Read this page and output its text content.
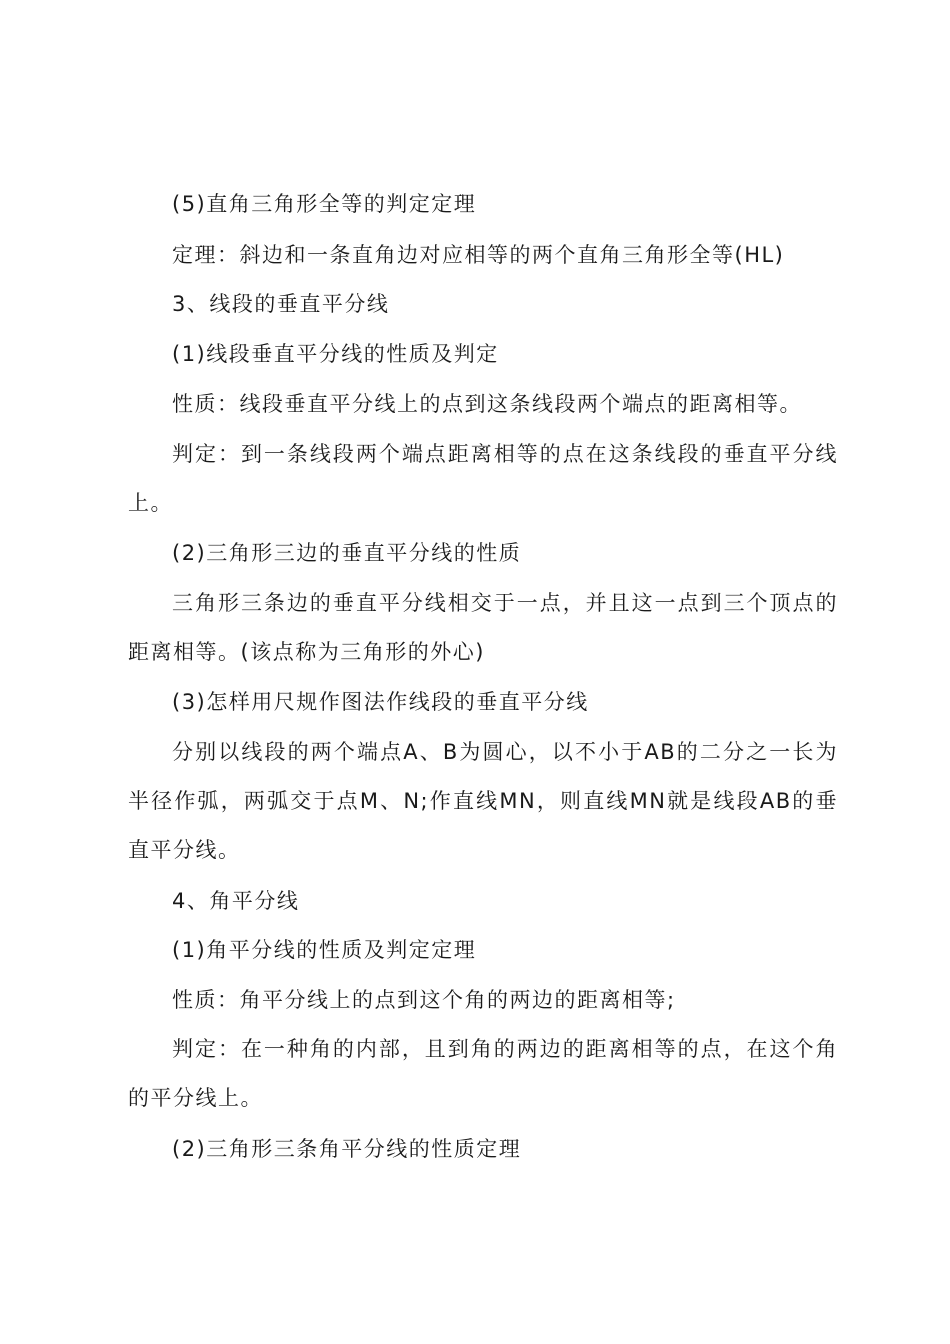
(5)直角三角形全等的判定定理

定理：斜边和一条直角边对应相等的两个直角三角形全等(HL)

3、线段的垂直平分线

(1)线段垂直平分线的性质及判定

性质：线段垂直平分线上的点到这条线段两个端点的距离相等。

判定：到一条线段两个端点距离相等的点在这条线段的垂直平分线上。

(2)三角形三边的垂直平分线的性质

三角形三条边的垂直平分线相交于一点，并且这一点到三个顶点的距离相等。(该点称为三角形的外心)

(3)怎样用尺规作图法作线段的垂直平分线

分别以线段的两个端点A、B为圆心，以不小于AB的二分之一长为半径作弧，两弧交于点M、N;作直线MN，则直线MN就是线段AB的垂直平分线。

4、角平分线

(1)角平分线的性质及判定定理

性质：角平分线上的点到这个角的两边的距离相等;

判定：在一种角的内部，且到角的两边的距离相等的点，在这个角的平分线上。

(2)三角形三条角平分线的性质定理
